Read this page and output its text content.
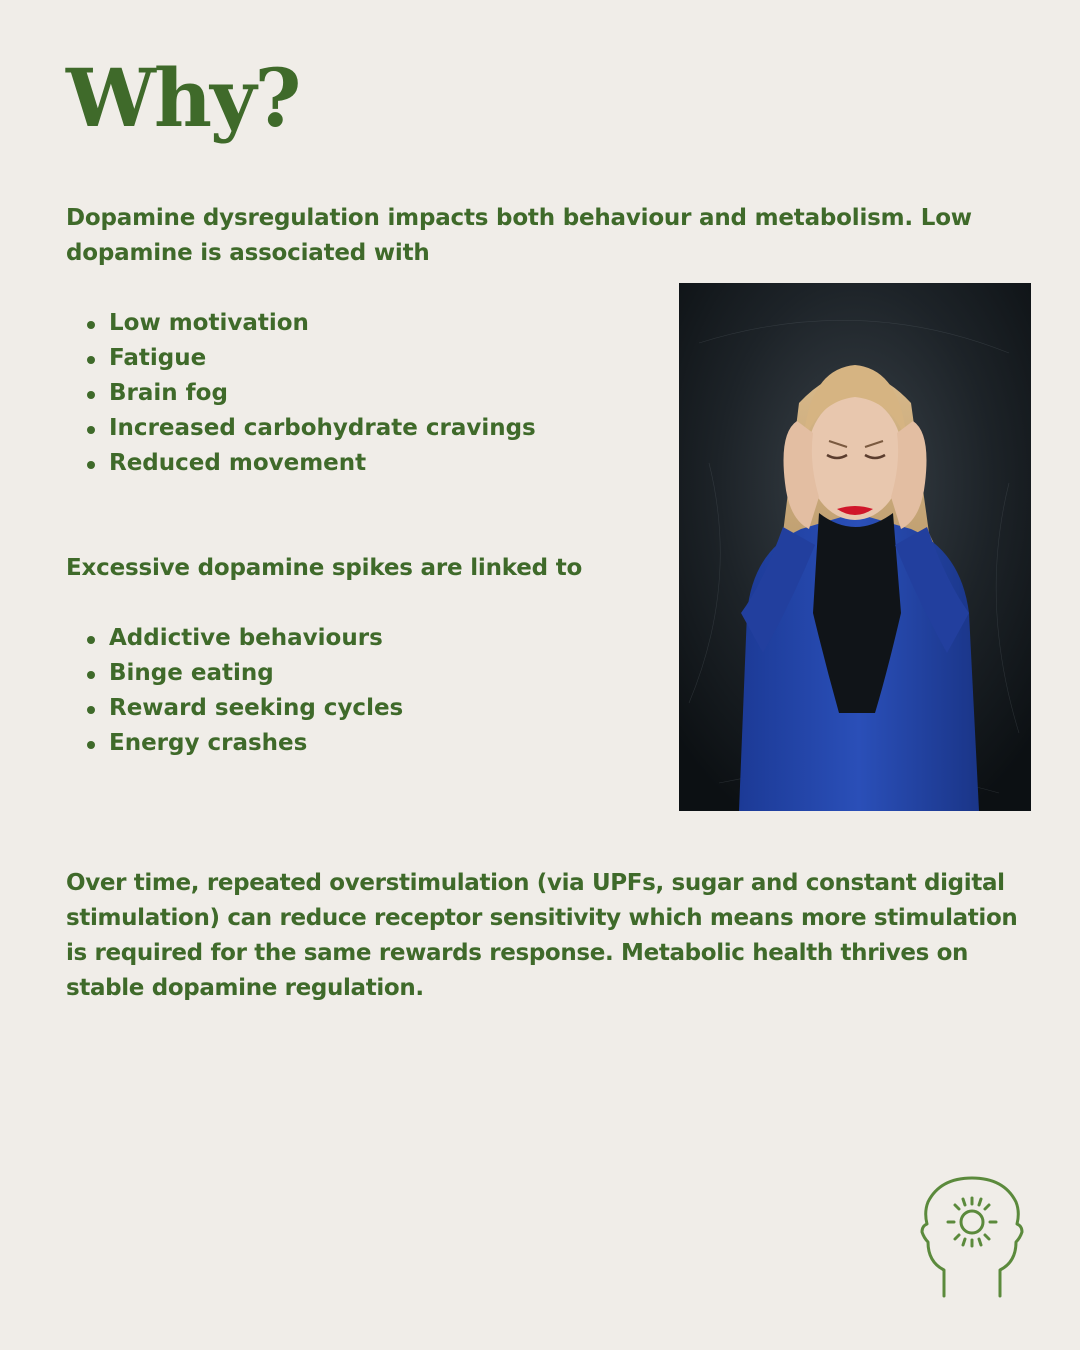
Why?

Dopamine dysregulation impacts both behaviour and metabolism. Low dopamine is associated with

Low motivation
Fatigue
Brain fog
Increased carbohydrate cravings
Reduced movement

Excessive dopamine spikes are linked to

Addictive behaviours
Binge eating
Reward seeking cycles
Energy crashes

Over time, repeated overstimulation (via UPFs, sugar and constant digital stimulation) can reduce receptor sensitivity which means more stimulation is required for the same rewards response. Metabolic health thrives on stable dopamine regulation.
